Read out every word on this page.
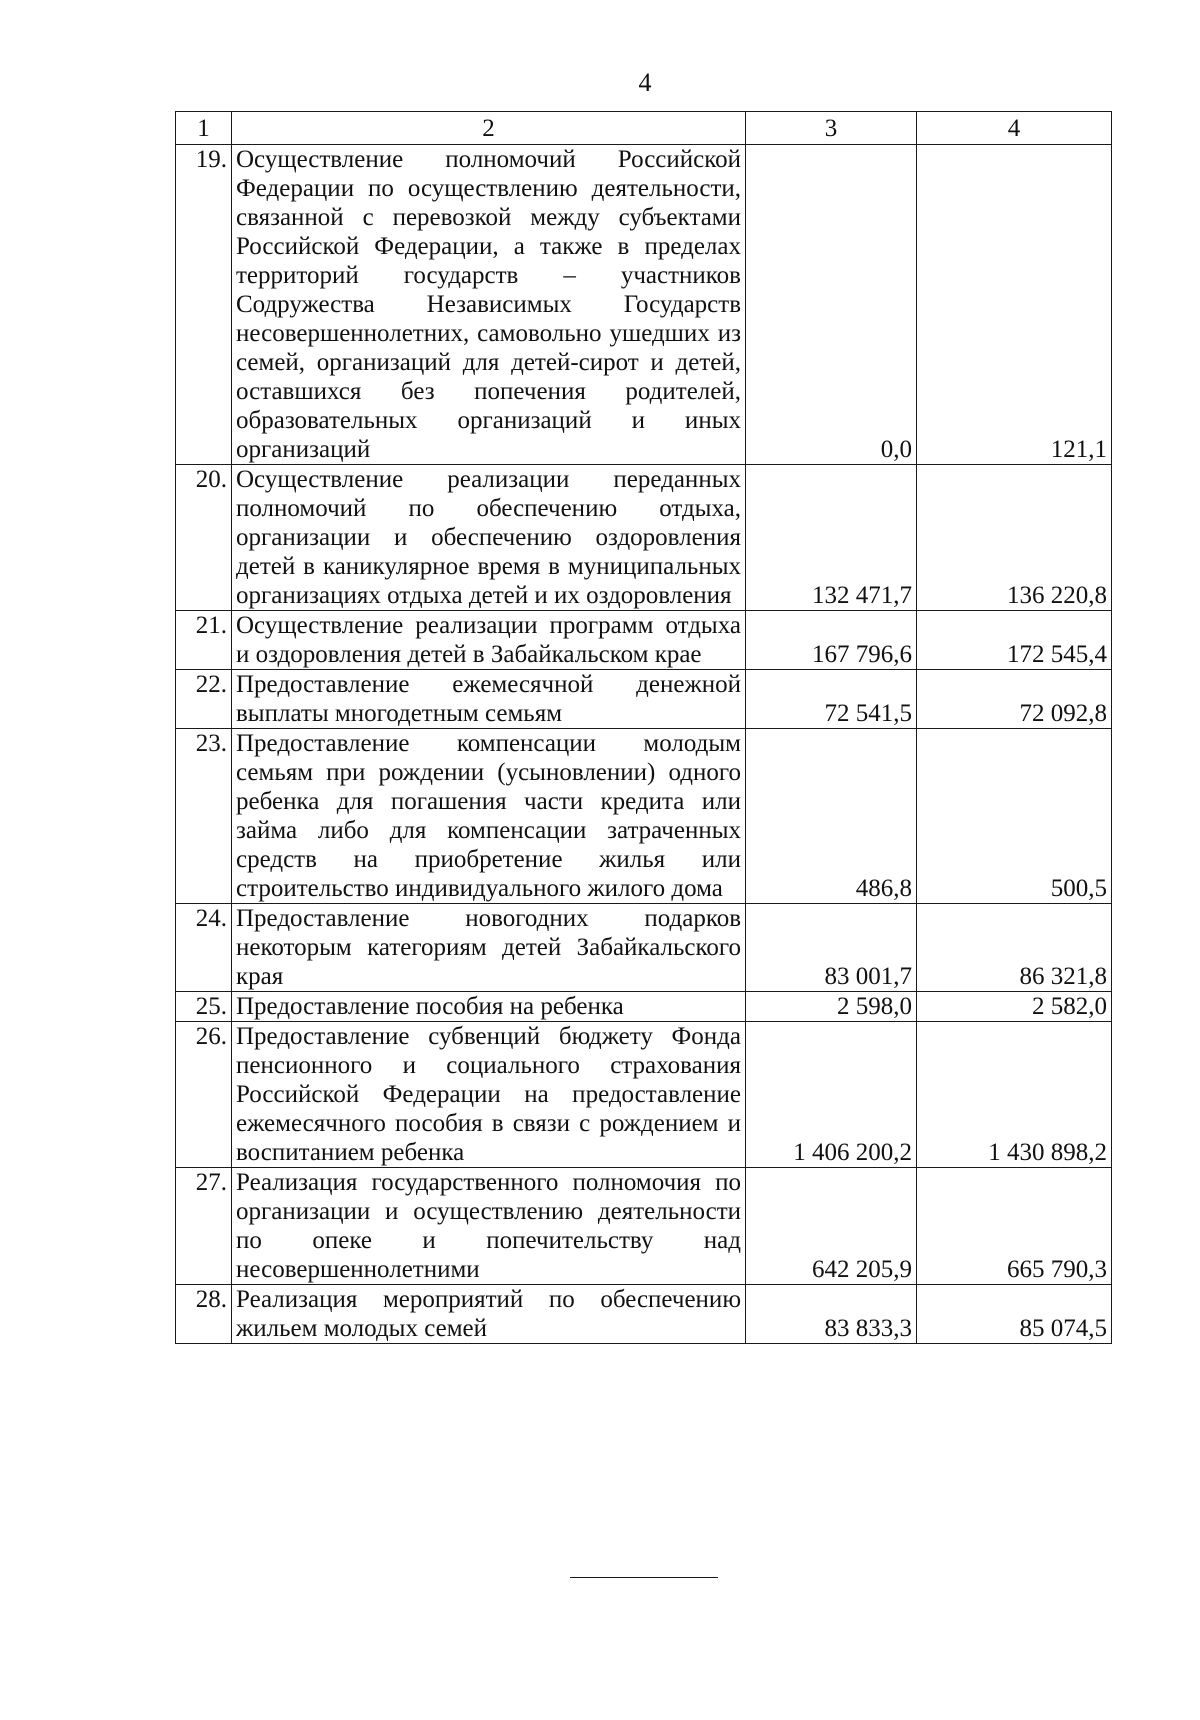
4
1	2	3	4
19.	Осуществление полномочий Российской Федерации по осуществлению деятельности, связанной с перевозкой между субъектами Российской Федерации, а также в пределах территорий государств – участников Содружества Независимых Государств несовершеннолетних, самовольно ушедших из семей, организаций для детей-сирот и детей, оставшихся без попечения родителей, образовательных организаций и иных организаций	0,0	121,1
20.	Осуществление реализации переданных полномочий по обеспечению отдыха, организации и обеспечению оздоровления детей в каникулярное время в муниципальных организациях отдыха детей и их оздоровления	132 471,7	136 220,8
21.	Осуществление реализации программ отдыха и оздоровления детей в Забайкальском крае	167 796,6	172 545,4
22.	Предоставление ежемесячной денежной выплаты многодетным семьям	72 541,5	72 092,8
23.	Предоставление компенсации молодым семьям при рождении (усыновлении) одного ребенка для погашения части кредита или займа либо для компенсации затраченных средств на приобретение жилья или строительство индивидуального жилого дома	486,8	500,5
24.	Предоставление новогодних подарков некоторым категориям детей Забайкальского края	83 001,7	86 321,8
25.	Предоставление пособия на ребенка	2 598,0	2 582,0
26.	Предоставление субвенций бюджету Фонда пенсионного и социального страхования Российской Федерации на предоставление ежемесячного пособия в связи с рождением и воспитанием ребенка	1 406 200,2	1 430 898,2
27.	Реализация государственного полномочия по организации и осуществлению деятельности по опеке и попечительству над несовершеннолетними	642 205,9	665 790,3
28.	Реализация мероприятий по обеспечению жильем молодых семей	83 833,3	85 074,5
